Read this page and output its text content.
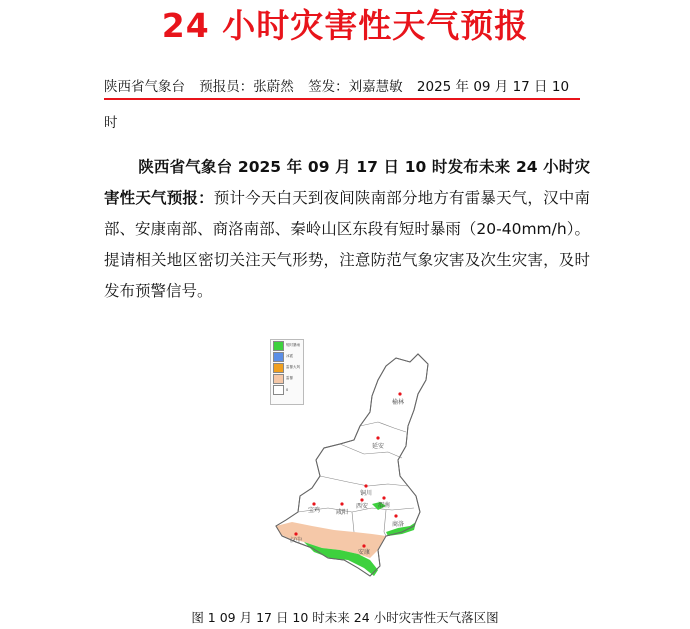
24 小时灾害性天气预报
陕西省气象台 预报员：张蔚然 签发：刘嘉慧敏 2025 年 09 月 17 日 10
时
陕西省气象台 2025 年 09 月 17 日 10 时发布未来 24 小时灾害性天气预报：预计今天白天到夜间陕南部分地方有雷暴天气，汉中南部、安康南部、商洛南部、秦岭山区东段有短时暴雨（20-40mm/h）。提请相关地区密切关注天气形势，注意防范气象灾害及次生灾害，及时发布预警信号。
短时暴雨
冰雹
雷暴大风
雷暴
0
榆林
延安
铜川
渭南
宝鸡	咸阳
西安
汉中
安康
商洛
图 1 09 月 17 日 10 时未来 24 小时灾害性天气落区图
